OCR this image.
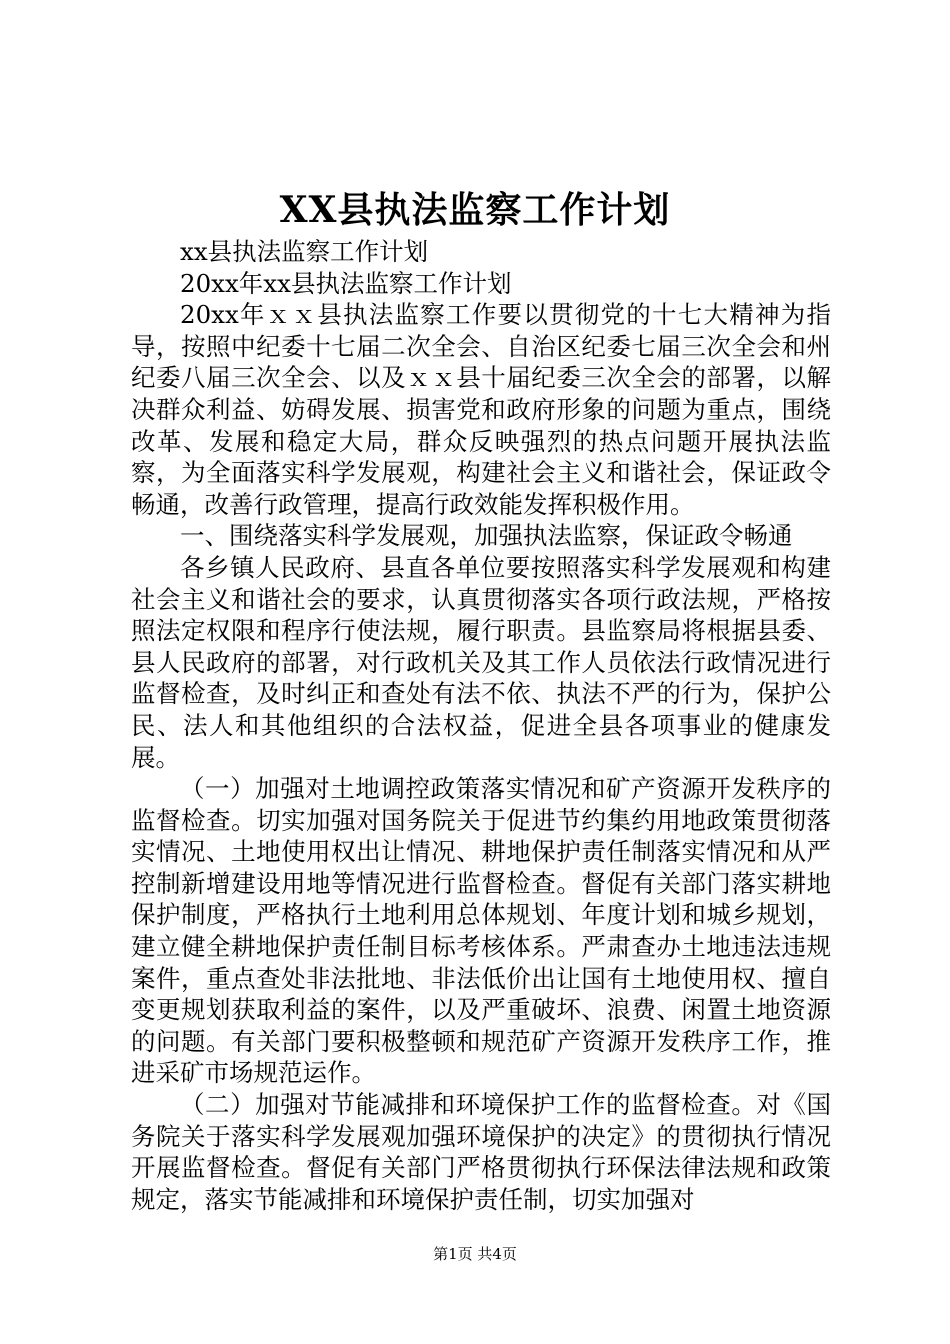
XX县执法监察工作计划

xx县执法监察工作计划

20xx年xx县执法监察工作计划

20xx年ｘｘ县执法监察工作要以贯彻党的十七大精神为指导，按照中纪委十七届二次全会、自治区纪委七届三次全会和州纪委八届三次全会、以及ｘｘ县十届纪委三次全会的部署，以解决群众利益、妨碍发展、损害党和政府形象的问题为重点，围绕改革、发展和稳定大局，群众反映强烈的热点问题开展执法监察，为全面落实科学发展观，构建社会主义和谐社会，保证政令畅通，改善行政管理，提高行政效能发挥积极作用。

一、围绕落实科学发展观，加强执法监察，保证政令畅通

各乡镇人民政府、县直各单位要按照落实科学发展观和构建社会主义和谐社会的要求，认真贯彻落实各项行政法规，严格按照法定权限和程序行使法规，履行职责。县监察局将根据县委、县人民政府的部署，对行政机关及其工作人员依法行政情况进行监督检查，及时纠正和查处有法不依、执法不严的行为，保护公民、法人和其他组织的合法权益，促进全县各项事业的健康发展。

（一）加强对土地调控政策落实情况和矿产资源开发秩序的监督检查。切实加强对国务院关于促进节约集约用地政策贯彻落实情况、土地使用权出让情况、耕地保护责任制落实情况和从严控制新增建设用地等情况进行监督检查。督促有关部门落实耕地保护制度，严格执行土地利用总体规划、年度计划和城乡规划，建立健全耕地保护责任制目标考核体系。严肃查办土地违法违规案件，重点查处非法批地、非法低价出让国有土地使用权、擅自变更规划获取利益的案件，以及严重破坏、浪费、闲置土地资源的问题。有关部门要积极整顿和规范矿产资源开发秩序工作，推进采矿市场规范运作。

（二）加强对节能减排和环境保护工作的监督检查。对《国务院关于落实科学发展观加强环境保护的决定》的贯彻执行情况开展监督检查。督促有关部门严格贯彻执行环保法律法规和政策规定，落实节能减排和环境保护责任制，切实加强对

第1页 共4页
